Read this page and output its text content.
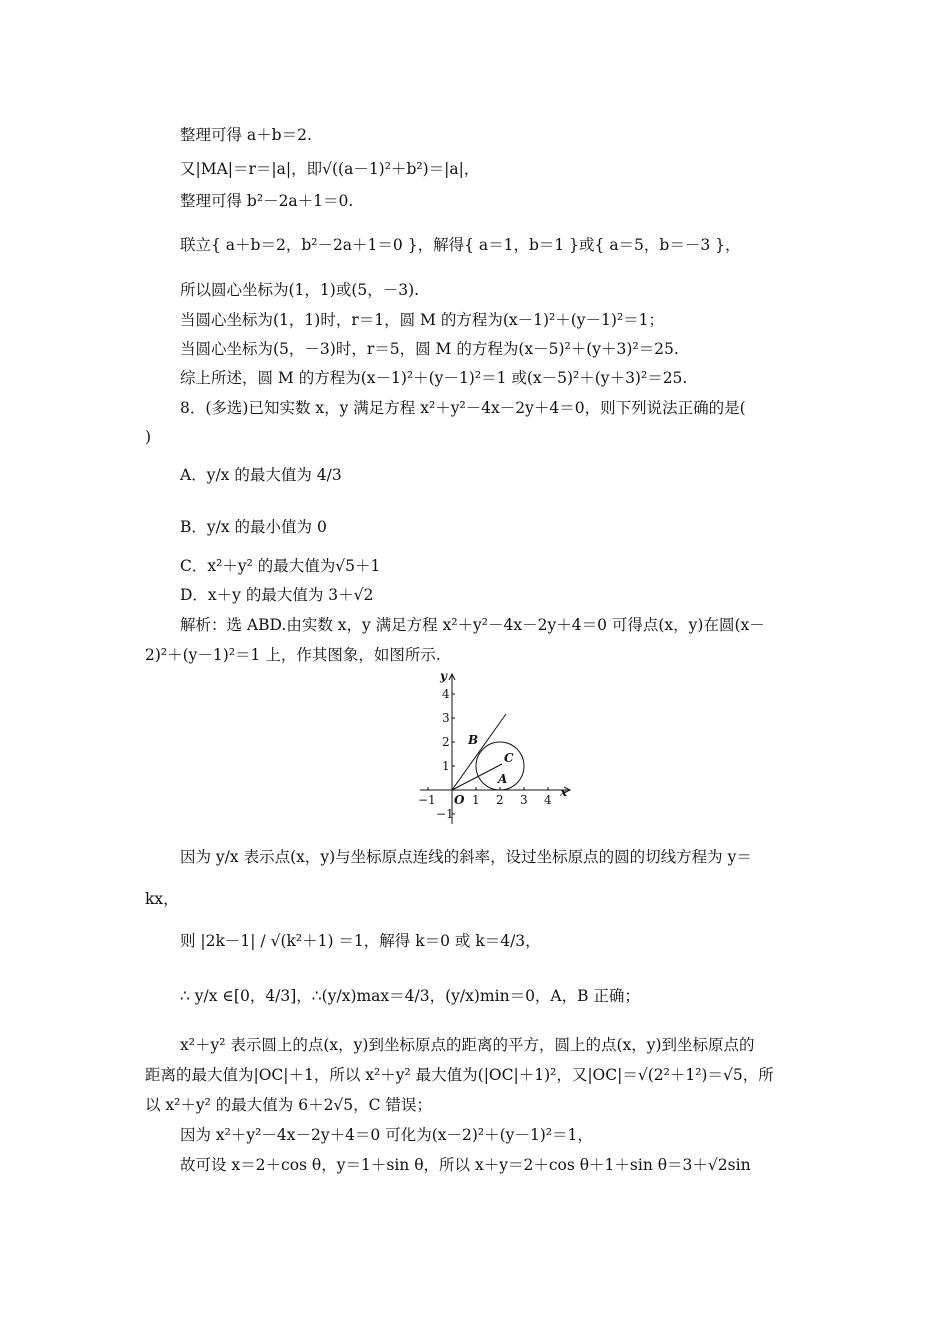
整理可得 a＋b＝2.
又|MA|＝r＝|a|，即√((a－1)²＋b²)＝|a|，
整理可得 b²－2a＋1＝0.
联立{ a＋b＝2，b²－2a＋1＝0 }，解得{ a＝1，b＝1 }或{ a＝5，b＝－3 }，
所以圆心坐标为(1，1)或(5，－3).
当圆心坐标为(1，1)时，r＝1，圆 M 的方程为(x－1)²＋(y－1)²＝1；
当圆心坐标为(5，－3)时，r＝5，圆 M 的方程为(x－5)²＋(y＋3)²＝25.
综上所述，圆 M 的方程为(x－1)²＋(y－1)²＝1 或(x－5)²＋(y＋3)²＝25.
8．(多选)已知实数 x，y 满足方程 x²＋y²－4x－2y＋4＝0，则下列说法正确的是(
)
A．y/x 的最大值为 4/3
B．y/x 的最小值为 0
C．x²＋y² 的最大值为√5＋1
D．x＋y 的最大值为 3＋√2
解析：选 ABD.由实数 x，y 满足方程 x²＋y²－4x－2y＋4＝0 可得点(x，y)在圆(x－
2)²＋(y－1)²＝1 上，作其图象，如图所示.
y
x
O
−1	1 2 3 4
−1
1
2
3
4
A
B
C
因为 y/x 表示点(x，y)与坐标原点连线的斜率，设过坐标原点的圆的切线方程为 y＝
kx，
则 |2k－1| / √(k²＋1) ＝1，解得 k＝0 或 k＝4/3，
∴ y/x ∈[0，4/3]，∴(y/x)max＝4/3，(y/x)min＝0，A，B 正确；
x²＋y² 表示圆上的点(x，y)到坐标原点的距离的平方，圆上的点(x，y)到坐标原点的
距离的最大值为|OC|＋1，所以 x²＋y² 最大值为(|OC|＋1)²，又|OC|＝√(2²＋1²)＝√5，所
以 x²＋y² 的最大值为 6＋2√5，C 错误；
因为 x²＋y²－4x－2y＋4＝0 可化为(x－2)²＋(y－1)²＝1，
故可设 x＝2＋cos θ，y＝1＋sin θ，所以 x＋y＝2＋cos θ＋1＋sin θ＝3＋√2sin
